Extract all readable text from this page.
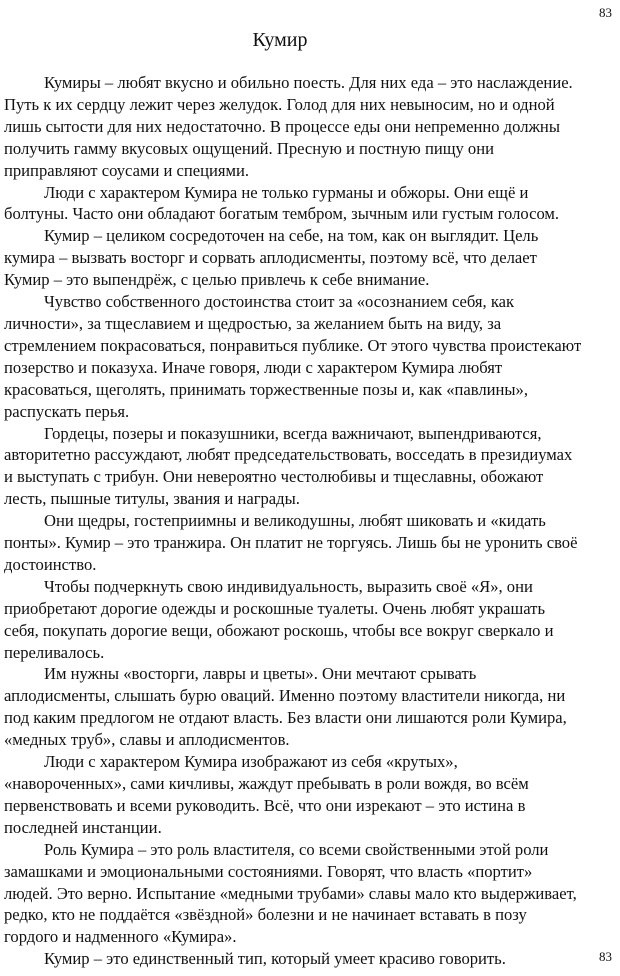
83
Кумир

Кумиры – любят вкусно и обильно поесть. Для них еда – это наслаждение.
Путь к их сердцу лежит через желудок. Голод для них невыносим, но и одной
лишь сытости для них недостаточно. В процессе еды они непременно должны
получить гамму вкусовых ощущений. Пресную и постную пищу они
приправляют соусами и специями.

Люди с характером Кумира не только гурманы и обжоры. Они ещё и
болтуны. Часто они обладают богатым тембром, зычным или густым голосом.

Кумир – целиком сосредоточен на себе, на том, как он выглядит. Цель
кумира – вызвать восторг и сорвать аплодисменты, поэтому всё, что делает
Кумир – это выпендрёж, с целью привлечь к себе внимание.

Чувство собственного достоинства стоит за «осознанием себя, как
личности», за тщеславием и щедростью, за желанием быть на виду, за
стремлением покрасоваться, понравиться публике. От этого чувства проистекают
позерство и показуха. Иначе говоря, люди с характером Кумира любят
красоваться, щеголять, принимать торжественные позы и, как «павлины»,
распускать перья.

Гордецы, позеры и показушники, всегда важничают, выпендриваются,
авторитетно рассуждают, любят председательствовать, восседать в президиумах
и выступать с трибун. Они невероятно честолюбивы и тщеславны, обожают
лесть, пышные титулы, звания и награды.

Они щедры, гостеприимны и великодушны, любят шиковать и «кидать
понты». Кумир – это транжира. Он платит не торгуясь. Лишь бы не уронить своё
достоинство.

Чтобы подчеркнуть свою индивидуальность, выразить своё «Я», они
приобретают дорогие одежды и роскошные туалеты. Очень любят украшать
себя, покупать дорогие вещи, обожают роскошь, чтобы все вокруг сверкало и
переливалось.

Им нужны «восторги, лавры и цветы». Они мечтают срывать
аплодисменты, слышать бурю оваций. Именно поэтому властители никогда, ни
под каким предлогом не отдают власть. Без власти они лишаются роли Кумира,
«медных труб», славы и аплодисментов.

Люди с характером Кумира изображают из себя «крутых»,
«навороченных», сами кичливы, жаждут пребывать в роли вождя, во всём
первенствовать и всеми руководить. Всё, что они изрекают – это истина в
последней инстанции.

Роль Кумира – это роль властителя, со всеми свойственными этой роли
замашками и эмоциональными состояниями. Говорят, что власть «портит»
людей. Это верно. Испытание «медными трубами» славы мало кто выдерживает,
редко, кто не поддаётся «звёздной» болезни и не начинает вставать в позу
гордого и надменного «Кумира».

Кумир – это единственный тип, который умеет красиво говорить.	83
